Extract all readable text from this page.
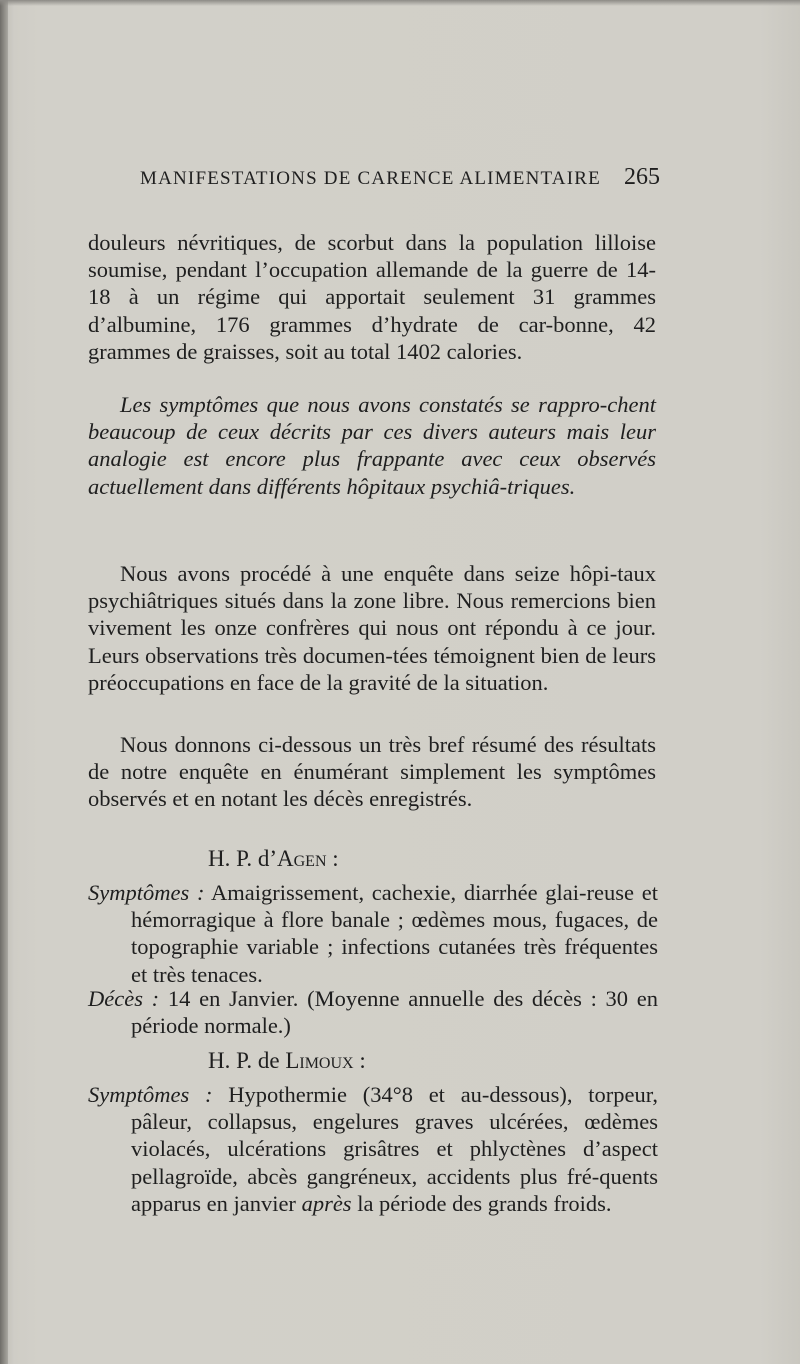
MANIFESTATIONS DE CARENCE ALIMENTAIRE 265

douleurs névritiques, de scorbut dans la population lilloise soumise, pendant l’occupation allemande de la guerre de 14-18 à un régime qui apportait seulement 31 grammes d’albumine, 176 grammes d’hydrate de car-bonne, 42 grammes de graisses, soit au total 1402 calories.

Les symptômes que nous avons constatés se rappro-chent beaucoup de ceux décrits par ces divers auteurs mais leur analogie est encore plus frappante avec ceux observés actuellement dans différents hôpitaux psychiâ-triques.

Nous avons procédé à une enquête dans seize hôpi-taux psychiâtriques situés dans la zone libre. Nous remercions bien vivement les onze confrères qui nous ont répondu à ce jour. Leurs observations très documen-tées témoignent bien de leurs préoccupations en face de la gravité de la situation.

Nous donnons ci-dessous un très bref résumé des résultats de notre enquête en énumérant simplement les symptômes observés et en notant les décès enregistrés.

H. P. d’Agen :

Symptômes : Amaigrissement, cachexie, diarrhée glai-reuse et hémorragique à flore banale ; œdèmes mous, fugaces, de topographie variable ; infections cutanées très fréquentes et très tenaces.

Décès : 14 en Janvier. (Moyenne annuelle des décès : 30 en période normale.)

H. P. de Limoux :

Symptômes : Hypothermie (34°8 et au-dessous), torpeur, pâleur, collapsus, engelures graves ulcérées, œdèmes violacés, ulcérations grisâtres et phlyctènes d’aspect pellagroïde, abcès gangréneux, accidents plus fré-quents apparus en janvier après la période des grands froids.
